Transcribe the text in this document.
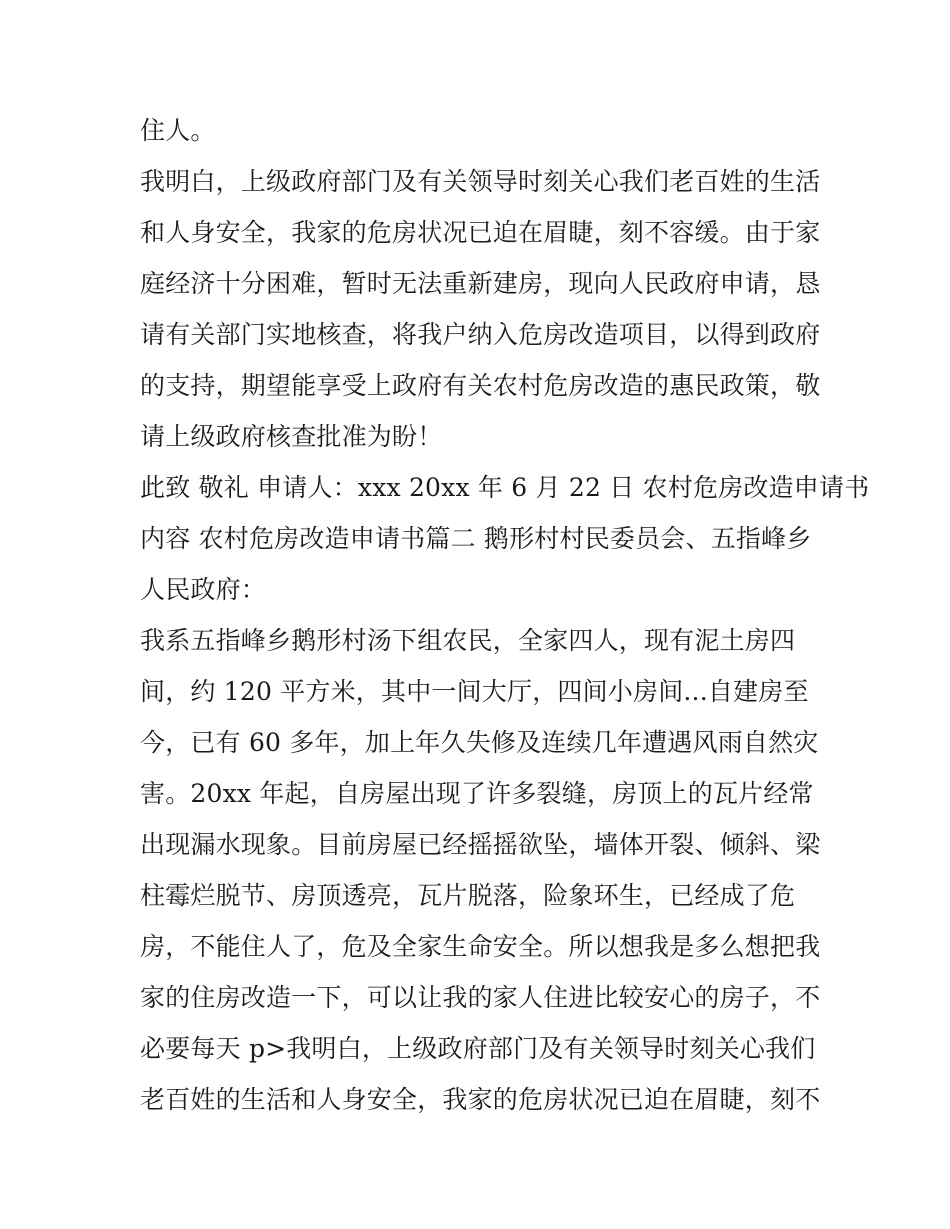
住人。
我明白，上级政府部门及有关领导时刻关心我们老百姓的生活
和人身安全，我家的危房状况已迫在眉睫，刻不容缓。由于家
庭经济十分困难，暂时无法重新建房，现向人民政府申请，恳
请有关部门实地核查，将我户纳入危房改造项目，以得到政府
的支持，期望能享受上政府有关农村危房改造的惠民政策，敬
请上级政府核查批准为盼！
此致 敬礼 申请人：xxx 20xx 年 6 月 22 日 农村危房改造申请书
内容 农村危房改造申请书篇二 鹅形村村民委员会、五指峰乡
人民政府：
我系五指峰乡鹅形村汤下组农民，全家四人，现有泥土房四
间，约 120 平方米，其中一间大厅，四间小房间...自建房至
今，已有 60 多年，加上年久失修及连续几年遭遇风雨自然灾
害。20xx 年起，自房屋出现了许多裂缝，房顶上的瓦片经常
出现漏水现象。目前房屋已经摇摇欲坠，墙体开裂、倾斜、梁
柱霉烂脱节、房顶透亮，瓦片脱落，险象环生，已经成了危
房，不能住人了，危及全家生命安全。所以想我是多么想把我
家的住房改造一下，可以让我的家人住进比较安心的房子，不
必要每天 p>我明白，上级政府部门及有关领导时刻关心我们
老百姓的生活和人身安全，我家的危房状况已迫在眉睫，刻不
